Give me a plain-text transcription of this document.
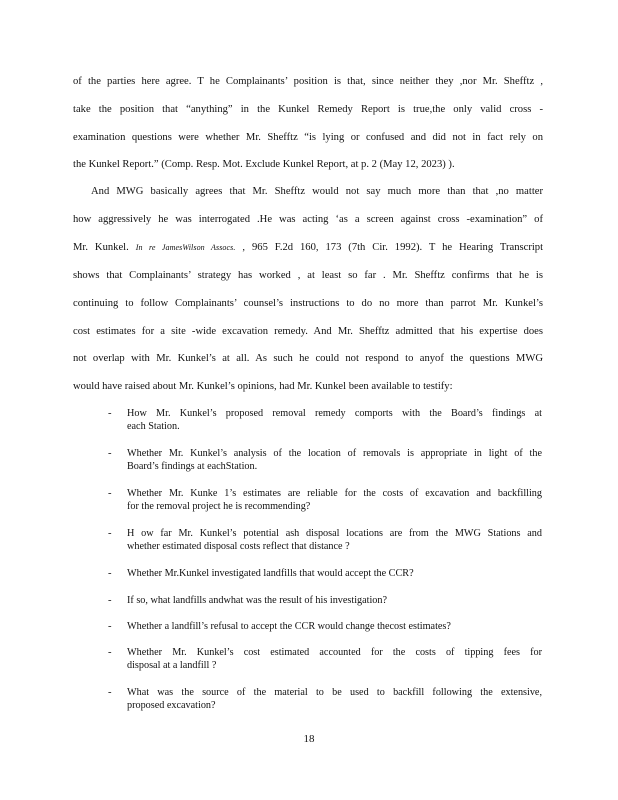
of the parties here agree. T he Complainants’ position is that, since neither they ,nor Mr. Shefftz ,
take the position that “anything” in the Kunkel Remedy Report is true,the only valid cross -
examination questions were whether Mr. Shefftz “is lying or confused and did not in fact rely on
the Kunkel Report.” (Comp. Resp. Mot. Exclude Kunkel Report, at p. 2 (May 12, 2023) ).
And MWG basically agrees that Mr. Shefftz would not say much more than that ,no matter
how aggressively he was interrogated .He was acting ‘as a screen against cross -examination” of
Mr. Kunkel. In re JamesWilson Assocs. , 965 F.2d 160, 173 (7th Cir. 1992). T he Hearing Transcript
shows that Complainants’ strategy has worked , at least so far . Mr. Shefftz confirms that he is
continuing to follow Complainants’ counsel’s instructions to do no more than parrot Mr. Kunkel’s
cost estimates for a site -wide excavation remedy. And Mr. Shefftz admitted that his expertise does
not overlap with Mr. Kunkel’s at all. As such he could not respond to anyof the questions MWG
would have raised about Mr. Kunkel’s opinions, had Mr. Kunkel been available to testify:
- How Mr. Kunkel’s proposed removal remedy comports with the Board’s findings at
each Station.
- Whether Mr. Kunkel’s analysis of the location of removals is appropriate in light of the
Board’s findings at eachStation.
- Whether Mr. Kunke 1’s estimates are reliable for the costs of excavation and backfilling
for the removal project he is recommending?
- H ow far Mr. Kunkel’s potential ash disposal locations are from the MWG Stations and
whether estimated disposal costs reflect that distance ?
- Whether Mr.Kunkel investigated landfills that would accept the CCR?
- If so, what landfills andwhat was the result of his investigation?
- Whether a landfill’s refusal to accept the CCR would change thecost estimates?
- Whether Mr. Kunkel’s cost estimated accounted for the costs of tipping fees for
disposal at a landfill ?
- What was the source of the material to be used to backfill following the extensive,
proposed excavation?
18
